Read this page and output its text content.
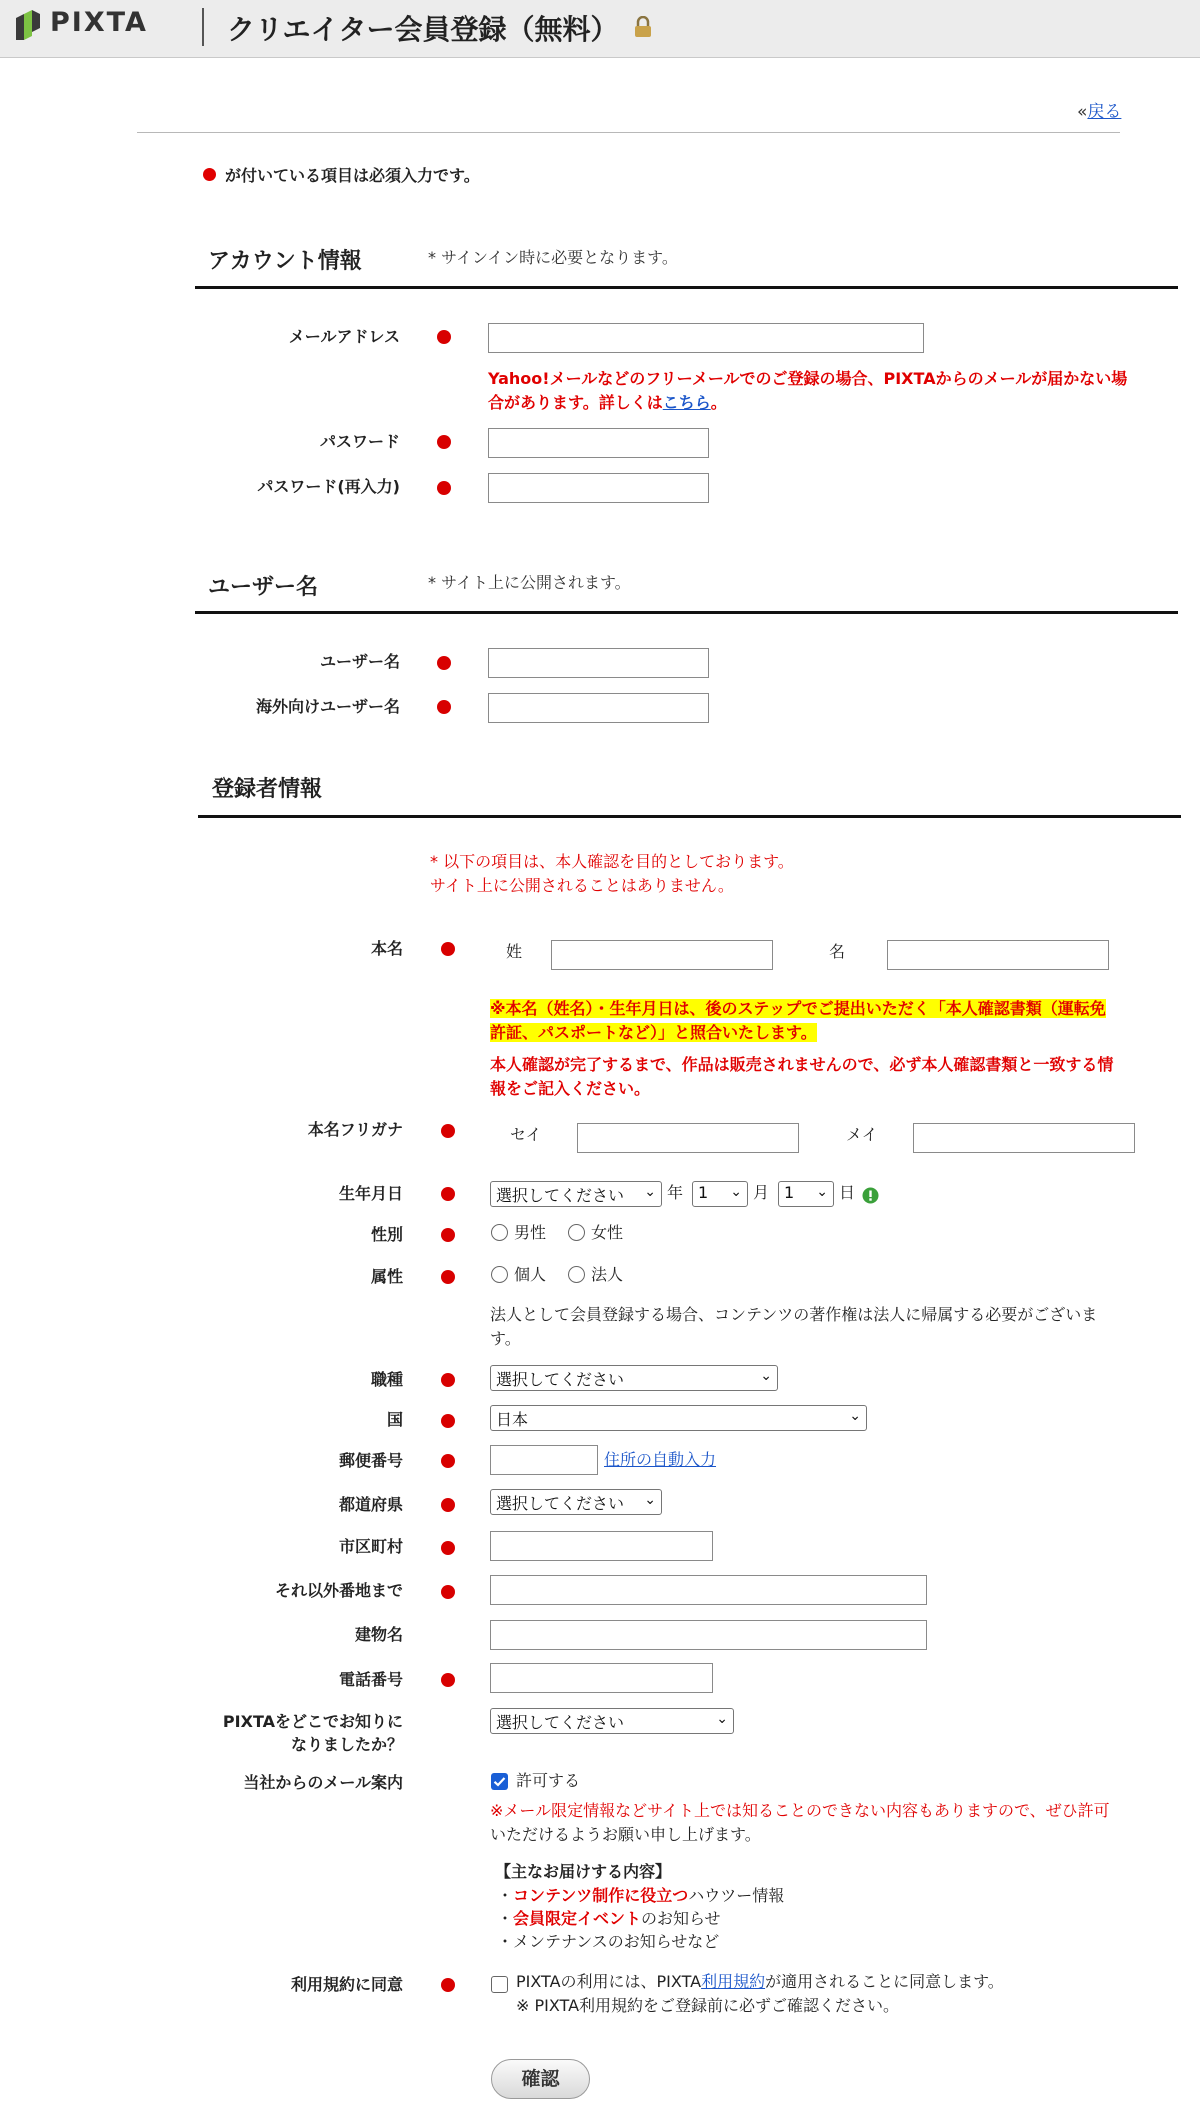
PIXTA	クリエイター会員登録（無料）
«戻る
が付いている項目は必須入力です。
アカウント情報	* サインイン時に必要となります。
メールアドレス
Yahoo!メールなどのフリーメールでのご登録の場合、PIXTAからのメールが届かない場
合があります。詳しくはこちら。
パスワード
パスワード(再入力)
ユーザー名	* サイト上に公開されます。
ユーザー名
海外向けユーザー名
登録者情報
* 以下の項目は、本人確認を目的としております。
サイト上に公開されることはありません。
本名	姓	名
※本名（姓名）・生年月日は、後のステップでご提出いただく「本人確認書類（運転免
許証、パスポートなど）」と照合いたします。
本人確認が完了するまで、作品は販売されませんので、必ず本人確認書類と一致する情
報をご記入ください。
本名フリガナ	セイ	メイ
生年月日	選択してください ⌄ 年 1 ⌄ 月 1 ⌄ 日
性別	男性	女性
属性	個人	法人
法人として会員登録する場合、コンテンツの著作権は法人に帰属する必要がございま
す。
職種	選択してください	⌄
国	日本	⌄
郵便番号	住所の自動入力
都道府県	選択してください ⌄
市区町村
それ以外番地まで
建物名
電話番号
PIXTAをどこでお知りに
なりましたか？
選択してください	⌄
当社からのメール案内	許可する
※メール限定情報などサイト上では知ることのできない内容もありますので、ぜひ許可
いただけるようお願い申し上げます。
【主なお届けする内容】
・コンテンツ制作に役立つハウツー情報
・会員限定イベントのお知らせ
・メンテナンスのお知らせなど
利用規約に同意	PIXTAの利用には、PIXTA利用規約が適用されることに同意します。
※ PIXTA利用規約をご登録前に必ずご確認ください。
確認
